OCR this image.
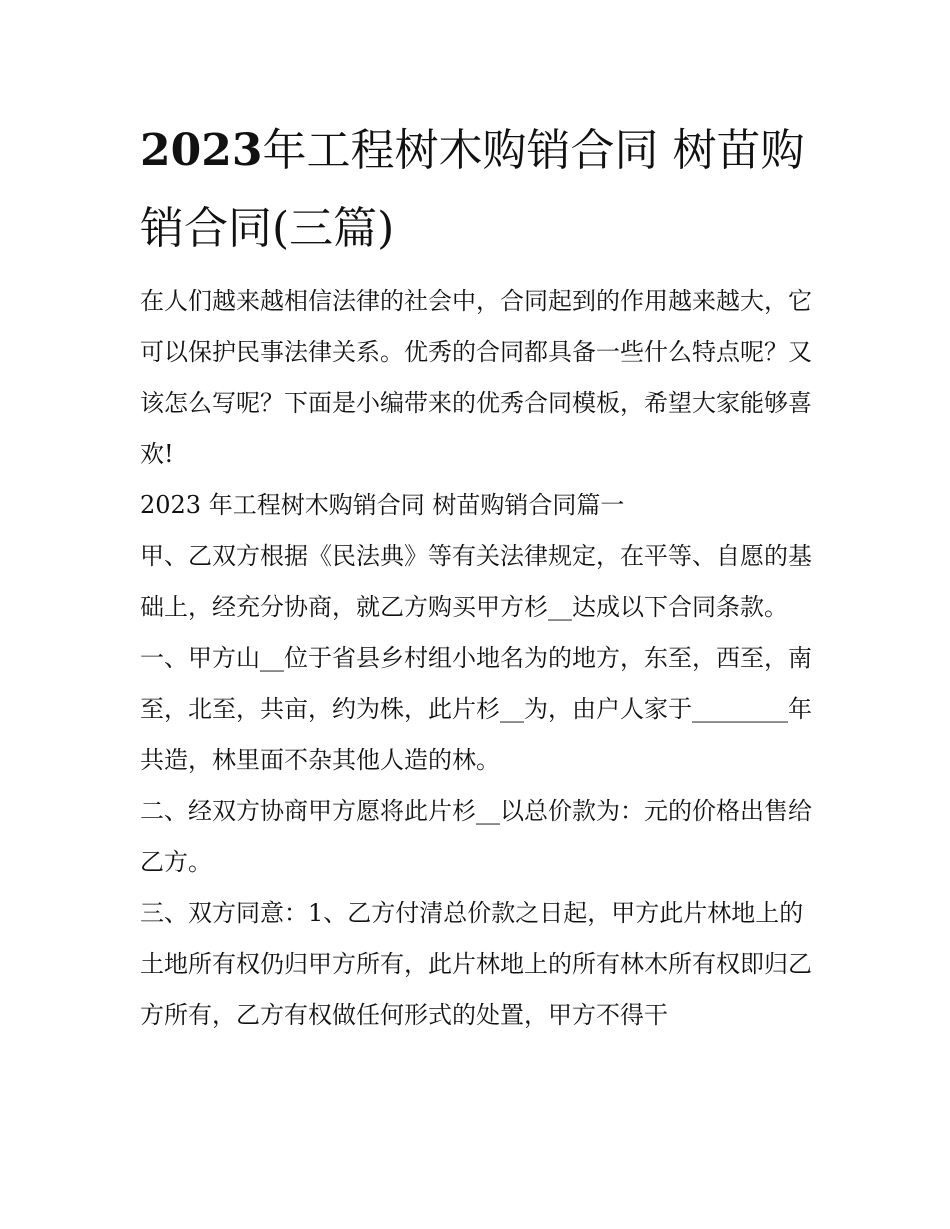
2023年工程树木购销合同 树苗购销合同(三篇)

在人们越来越相信法律的社会中，合同起到的作用越来越大，它可以保护民事法律关系。优秀的合同都具备一些什么特点呢？又该怎么写呢？下面是小编带来的优秀合同模板，希望大家能够喜欢!

2023 年工程树木购销合同 树苗购销合同篇一

甲、乙双方根据《民法典》等有关法律规定，在平等、自愿的基础上，经充分协商，就乙方购买甲方杉__达成以下合同条款。

一、甲方山__位于省县乡村组小地名为的地方，东至，西至，南至，北至，共亩，约为株，此片杉__为，由户人家于________年共造，林里面不杂其他人造的林。

二、经双方协商甲方愿将此片杉__以总价款为：元的价格出售给乙方。

三、双方同意：1、乙方付清总价款之日起，甲方此片林地上的土地所有权仍归甲方所有，此片林地上的所有林木所有权即归乙方所有，乙方有权做任何形式的处置，甲方不得干
